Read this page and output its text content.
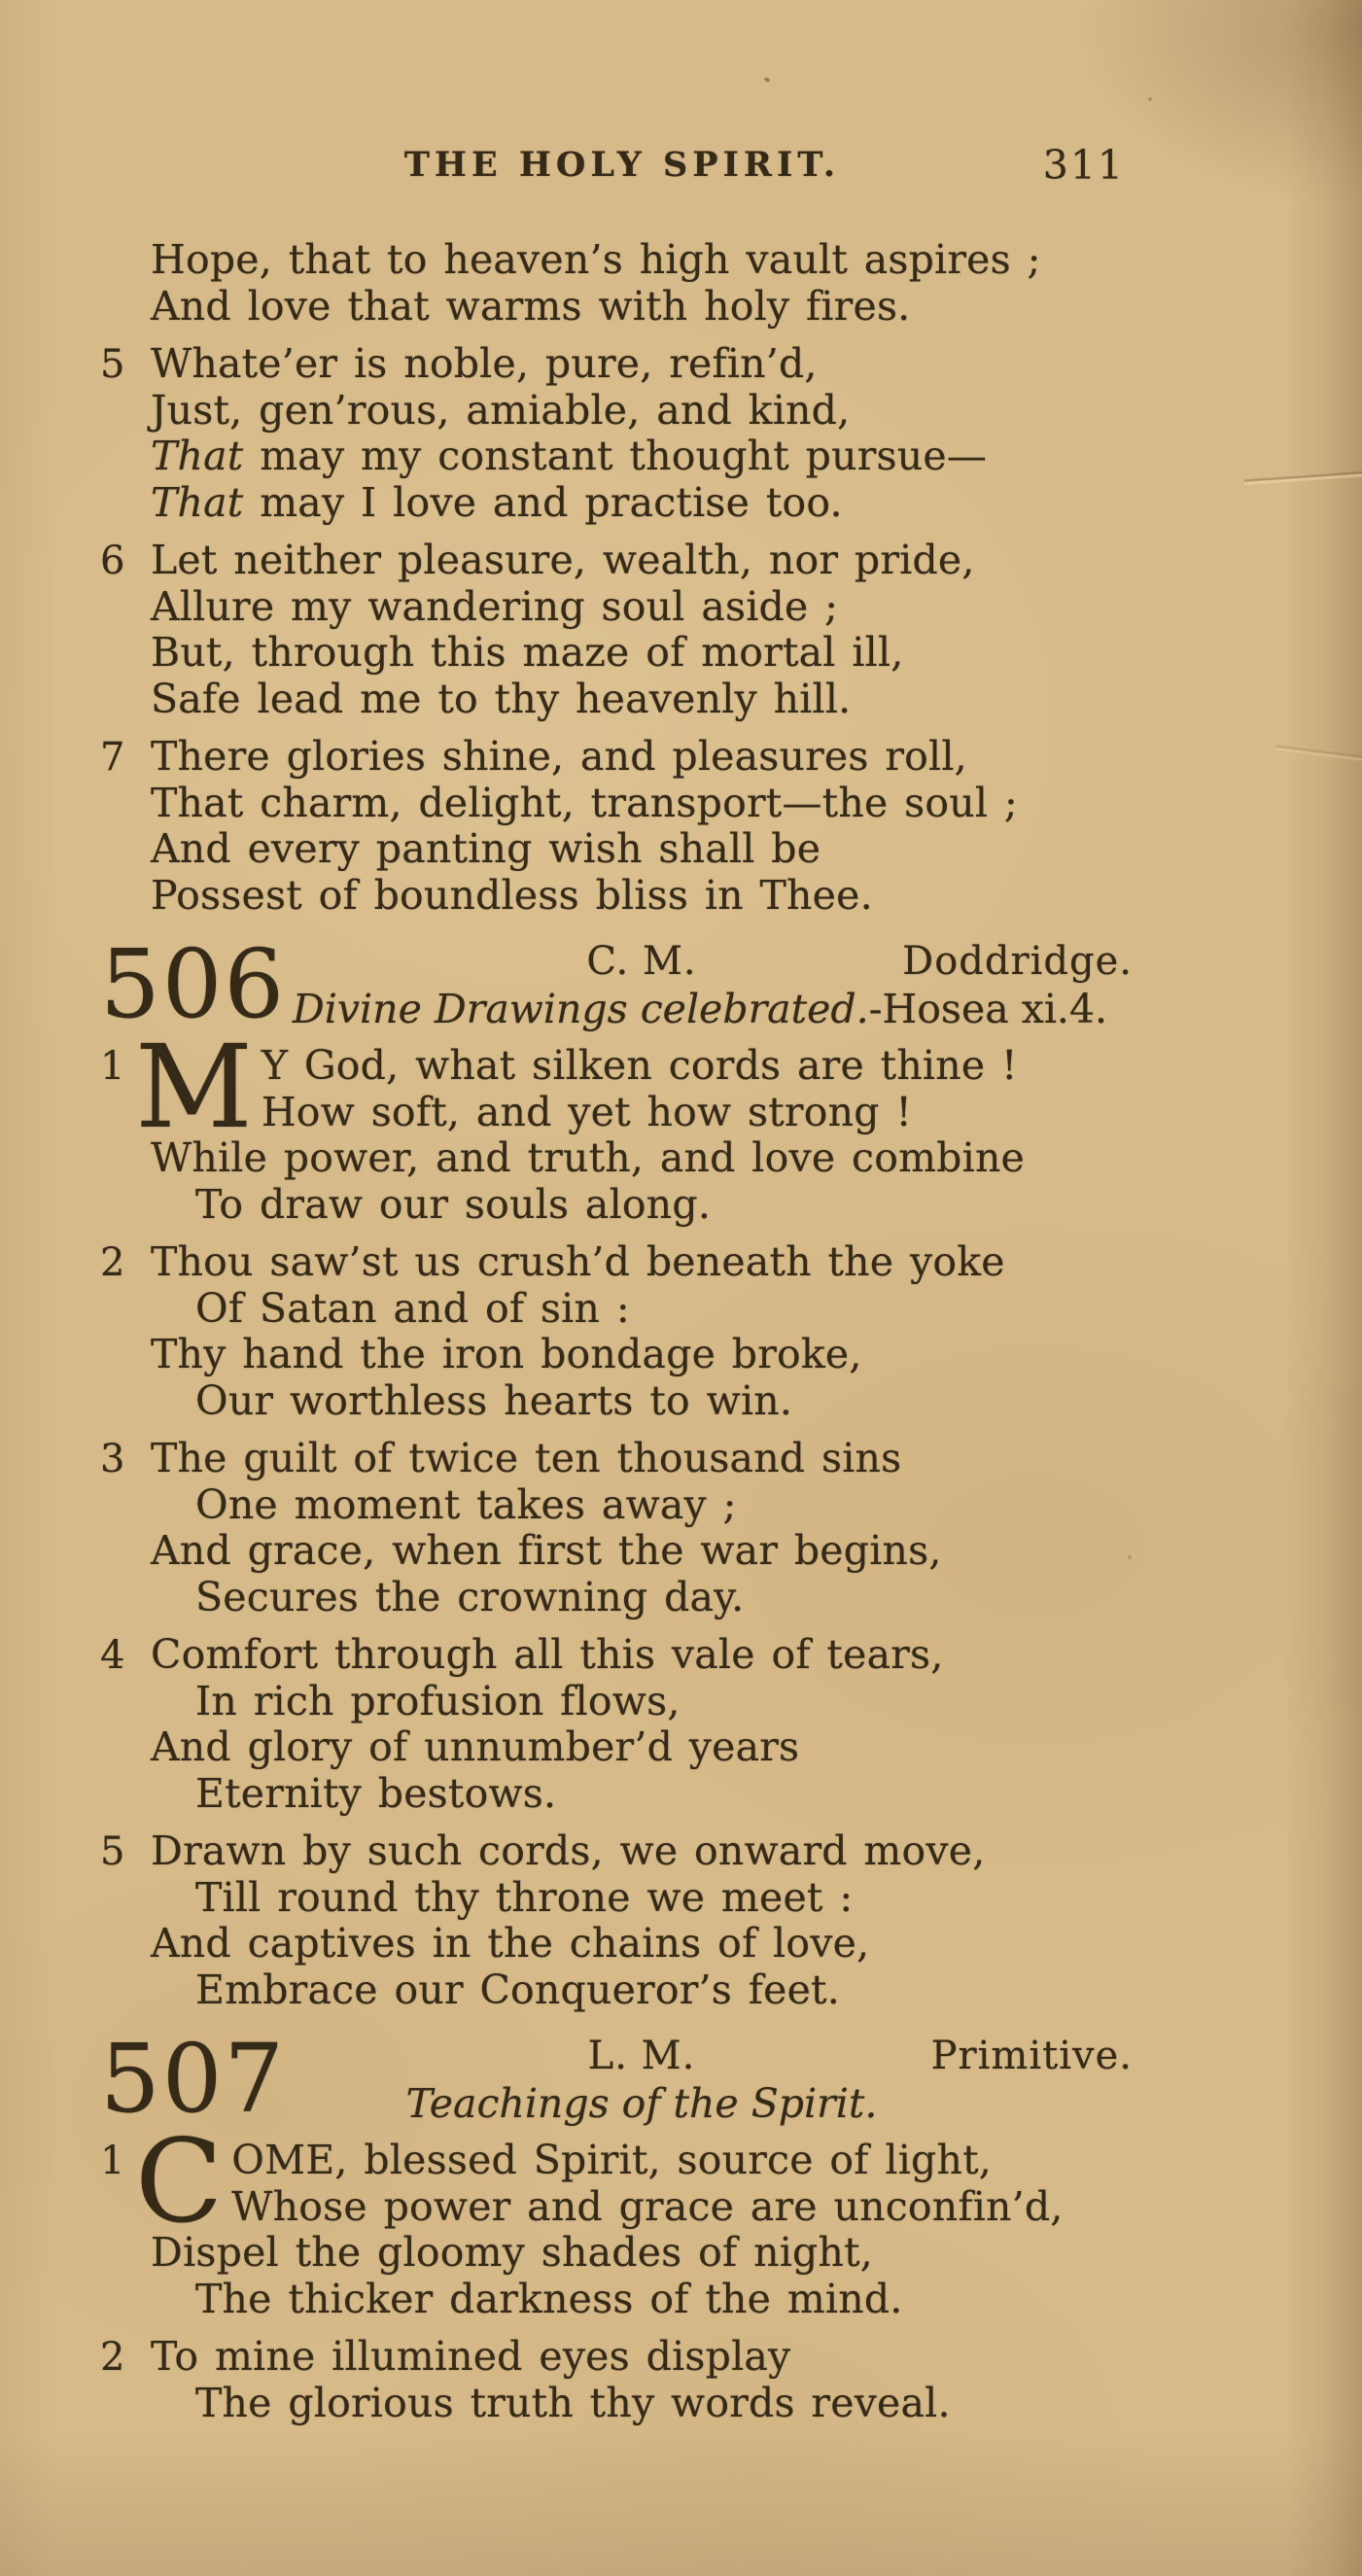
THE HOLY SPIRIT.	311
Hope, that to heaven’s high vault aspires ;
And love that warms with holy fires.
5 Whate’er is noble, pure, refin’d,
Just, gen’rous, amiable, and kind,
That may my constant thought pursue—
That may I love and practise too.
6 Let neither pleasure, wealth, nor pride,
Allure my wandering soul aside ;
But, through this maze of mortal ill,
Safe lead me to thy heavenly hill.
7 There glories shine, and pleasures roll,
That charm, delight, transport—the soul ;
And every panting wish shall be
Possest of boundless bliss in Thee.
506	C. M.	Doddridge.
Divine Drawings celebrated.-Hosea xi.4.
1 M Y God, what silken cords are thine !
How soft, and yet how strong !
While power, and truth, and love combine
To draw our souls along.
2 Thou saw’st us crush’d beneath the yoke
Of Satan and of sin :
Thy hand the iron bondage broke,
Our worthless hearts to win.
3 The guilt of twice ten thousand sins
One moment takes away ;
And grace, when first the war begins,
Secures the crowning day.
4 Comfort through all this vale of tears,
In rich profusion flows,
And glory of unnumber’d years
Eternity bestows.
5 Drawn by such cords, we onward move,
Till round thy throne we meet :
And captives in the chains of love,
Embrace our Conqueror’s feet.
507	L. M.	Primitive.
Teachings of the Spirit.
1 C OME, blessed Spirit, source of light,
Whose power and grace are unconfin’d,
Dispel the gloomy shades of night,
The thicker darkness of the mind.
2 To mine illumined eyes display
The glorious truth thy words reveal.
